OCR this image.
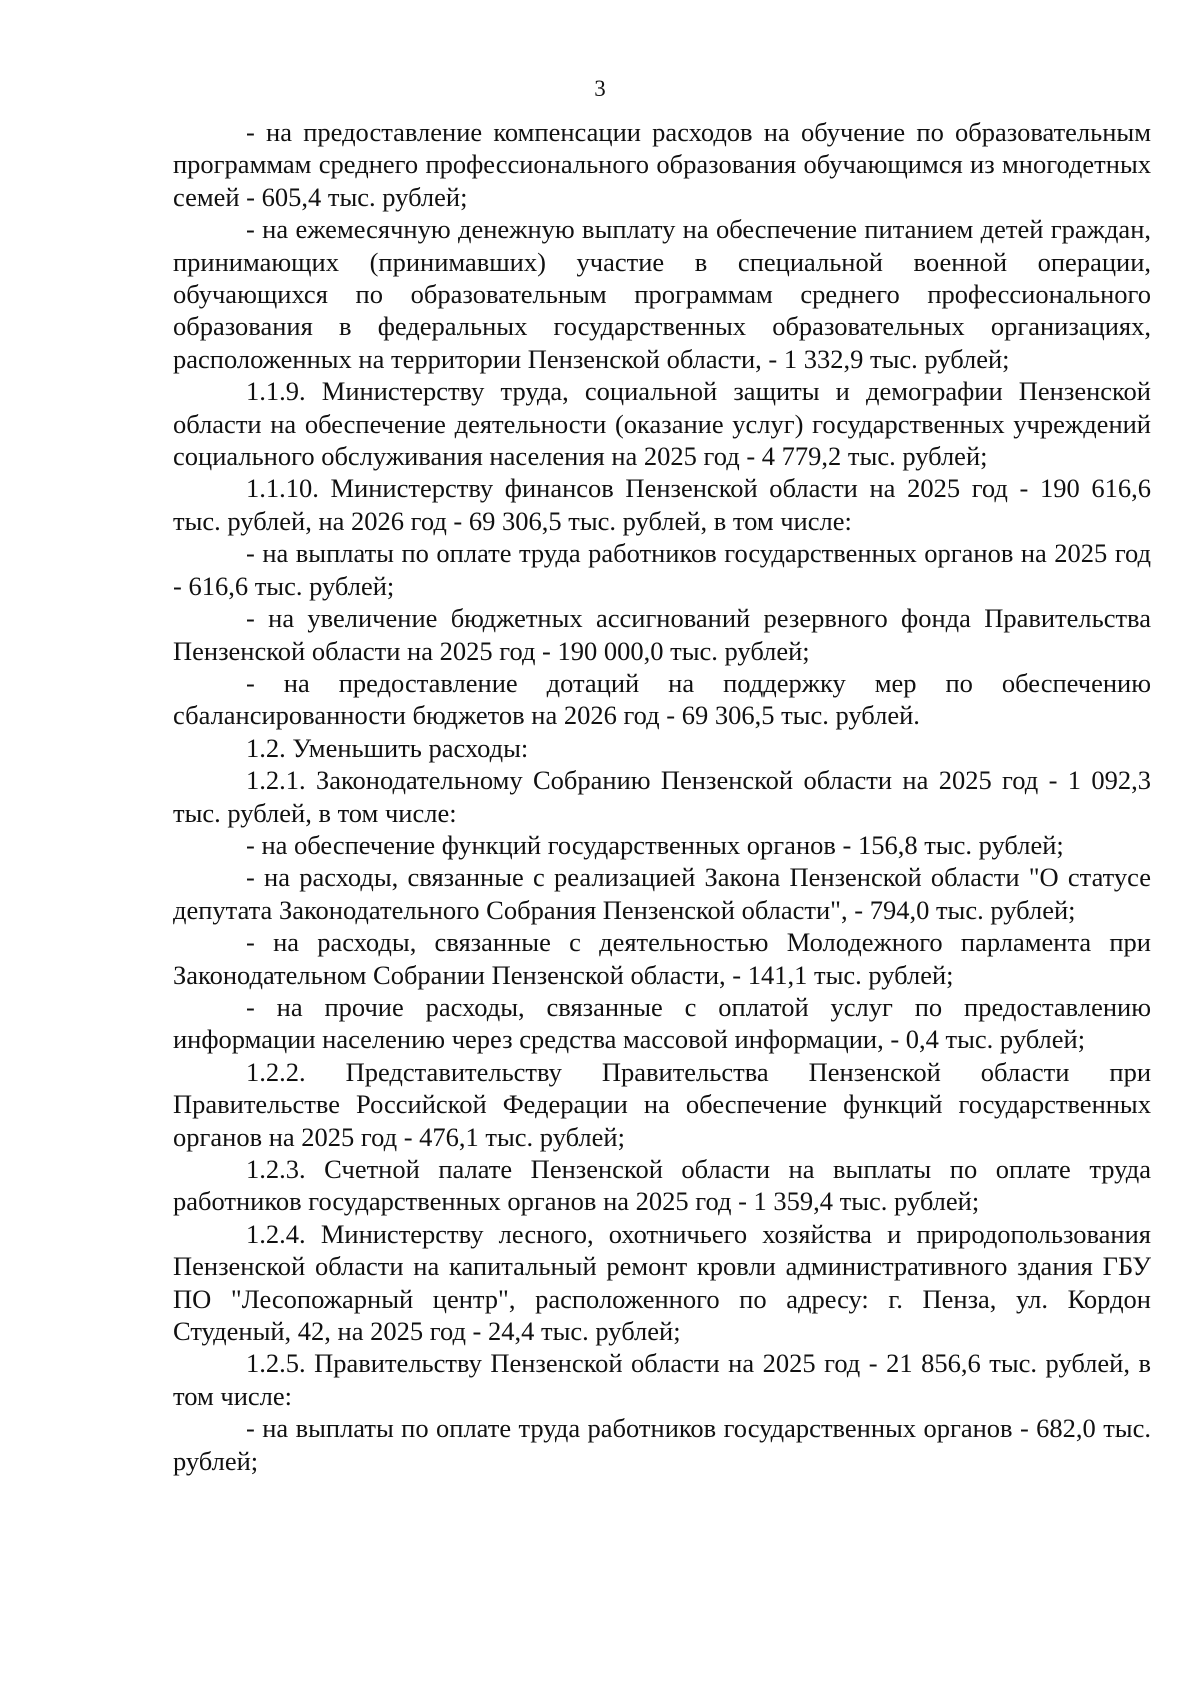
3

- на предоставление компенсации расходов на обучение по образовательным программам среднего профессионального образования обучающимся из многодетных семей - 605,4 тыс. рублей;

- на ежемесячную денежную выплату на обеспечение питанием детей граждан, принимающих (принимавших) участие в специальной военной операции, обучающихся по образовательным программам среднего профессионального образования в федеральных государственных образовательных организациях, расположенных на территории Пензенской области, - 1 332,9 тыс. рублей;

1.1.9. Министерству труда, социальной защиты и демографии Пензенской области на обеспечение деятельности (оказание услуг) государственных учреждений социального обслуживания населения на 2025 год - 4 779,2 тыс. рублей;

1.1.10. Министерству финансов Пензенской области на 2025 год - 190 616,6 тыс. рублей, на 2026 год - 69 306,5 тыс. рублей, в том числе:

- на выплаты по оплате труда работников государственных органов на 2025 год - 616,6 тыс. рублей;

- на увеличение бюджетных ассигнований резервного фонда Правительства Пензенской области на 2025 год - 190 000,0 тыс. рублей;

- на предоставление дотаций на поддержку мер по обеспечению сбалансированности бюджетов на 2026 год - 69 306,5 тыс. рублей.

1.2. Уменьшить расходы:

1.2.1. Законодательному Собранию Пензенской области на 2025 год - 1 092,3 тыс. рублей, в том числе:

- на обеспечение функций государственных органов - 156,8 тыс. рублей;

- на расходы, связанные с реализацией Закона Пензенской области "О статусе депутата Законодательного Собрания Пензенской области", - 794,0 тыс. рублей;

- на расходы, связанные с деятельностью Молодежного парламента при Законодательном Собрании Пензенской области, - 141,1 тыс. рублей;

- на прочие расходы, связанные с оплатой услуг по предоставлению информации населению через средства массовой информации, - 0,4 тыс. рублей;

1.2.2. Представительству Правительства Пензенской области при Правительстве Российской Федерации на обеспечение функций государственных органов на 2025 год - 476,1 тыс. рублей;

1.2.3. Счетной палате Пензенской области на выплаты по оплате труда работников государственных органов на 2025 год - 1 359,4 тыс. рублей;

1.2.4. Министерству лесного, охотничьего хозяйства и природопользования Пензенской области на капитальный ремонт кровли административного здания ГБУ ПО "Лесопожарный центр", расположенного по адресу: г. Пенза, ул. Кордон Студеный, 42, на 2025 год - 24,4 тыс. рублей;

1.2.5. Правительству Пензенской области на 2025 год - 21 856,6 тыс. рублей, в том числе:

- на выплаты по оплате труда работников государственных органов - 682,0 тыс. рублей;
